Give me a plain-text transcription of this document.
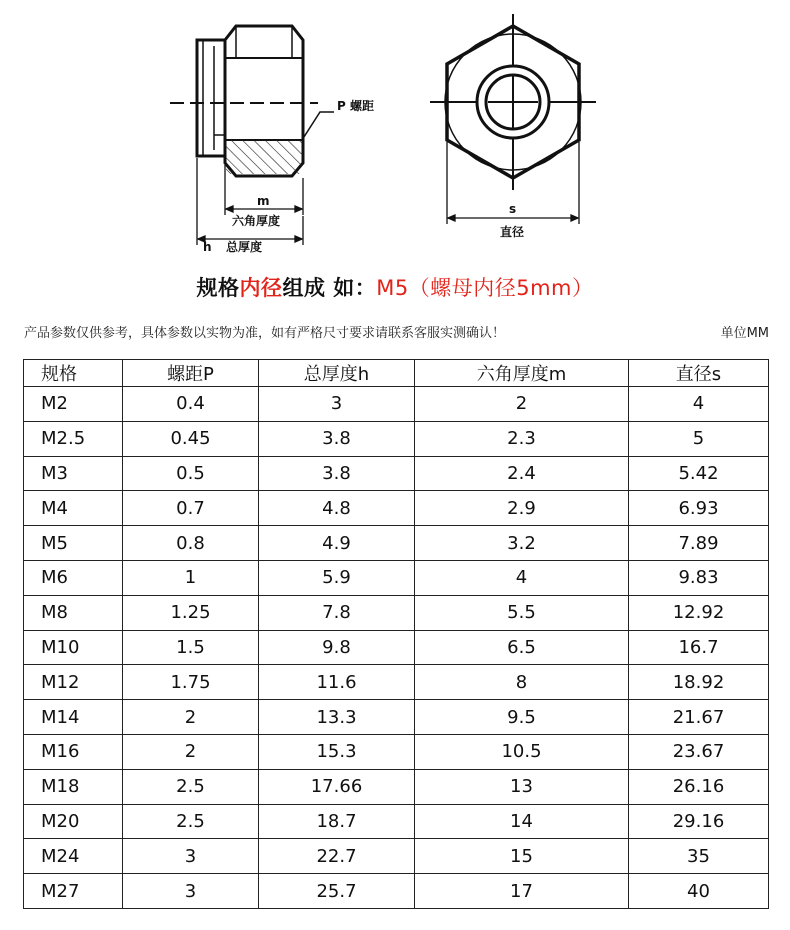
P 螺距
m
六角厚度
h 总厚度
s
直径
规格内径组成 如：M5（螺母内径5mm）
产品参数仅供参考，具体参数以实物为准，如有严格尺寸要求请联系客服实测确认！	单位MM
规格	螺距P	总厚度h	六角厚度m	直径s
M2	0.4	3	2	4
M2.5	0.45	3.8	2.3	5
M3	0.5	3.8	2.4	5.42
M4	0.7	4.8	2.9	6.93
M5	0.8	4.9	3.2	7.89
M6	1	5.9	4	9.83
M8	1.25	7.8	5.5	12.92
M10	1.5	9.8	6.5	16.7
M12	1.75	11.6	8	18.92
M14	2	13.3	9.5	21.67
M16	2	15.3	10.5	23.67
M18	2.5	17.66	13	26.16
M20	2.5	18.7	14	29.16
M24	3	22.7	15	35
M27	3	25.7	17	40
